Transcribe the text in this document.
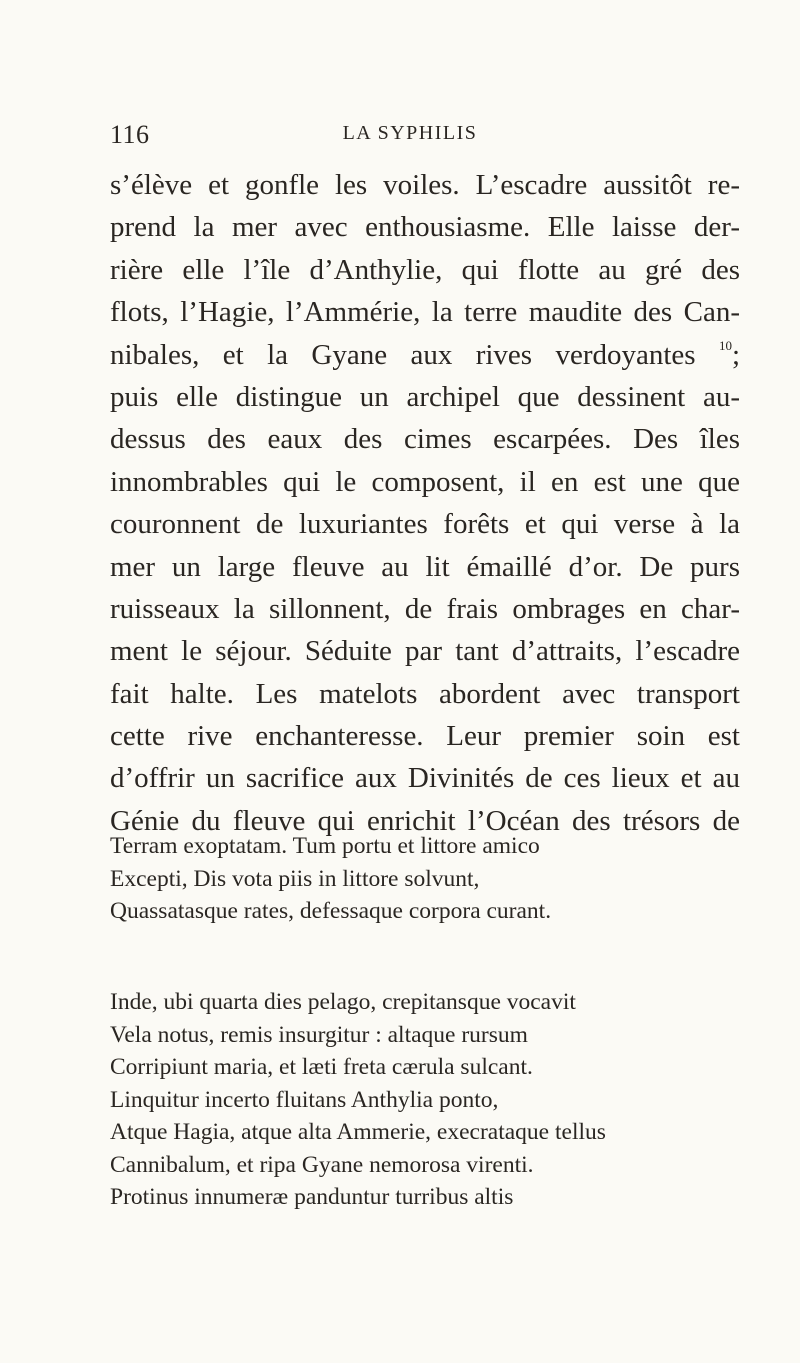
116	LA SYPHILIS
s’élève et gonfle les voiles. L’escadre aussitôt re-
prend la mer avec enthousiasme. Elle laisse der-
rière elle l’île d’Anthylie, qui flotte au gré des
flots, l’Hagie, l’Ammérie, la terre maudite des Can-
nibales, et la Gyane aux rives verdoyantes $^{10}$;
puis elle distingue un archipel que dessinent au-
dessus des eaux des cimes escarpées. Des îles
innombrables qui le composent, il en est une que
couronnent de luxuriantes forêts et qui verse à la
mer un large fleuve au lit émaillé d’or. De purs
ruisseaux la sillonnent, de frais ombrages en char-
ment le séjour. Séduite par tant d’attraits, l’escadre
fait halte. Les matelots abordent avec transport
cette rive enchanteresse. Leur premier soin est
d’offrir un sacrifice aux Divinités de ces lieux et au
Génie du fleuve qui enrichit l’Océan des trésors de
Terram exoptatam. Tum portu et littore amico
Excepti, Dis vota piis in littore solvunt,
Quassatasque rates, defessaque corpora curant.
Inde, ubi quarta dies pelago, crepitansque vocavit
Vela notus, remis insurgitur : altaque rursum
Corripiunt maria, et læti freta cærula sulcant.
Linquitur incerto fluitans Anthylia ponto,
Atque Hagia, atque alta Ammerie, execrataque tellus
Cannibalum, et ripa Gyane nemorosa virenti.
Protinus innumeræ panduntur turribus altis
